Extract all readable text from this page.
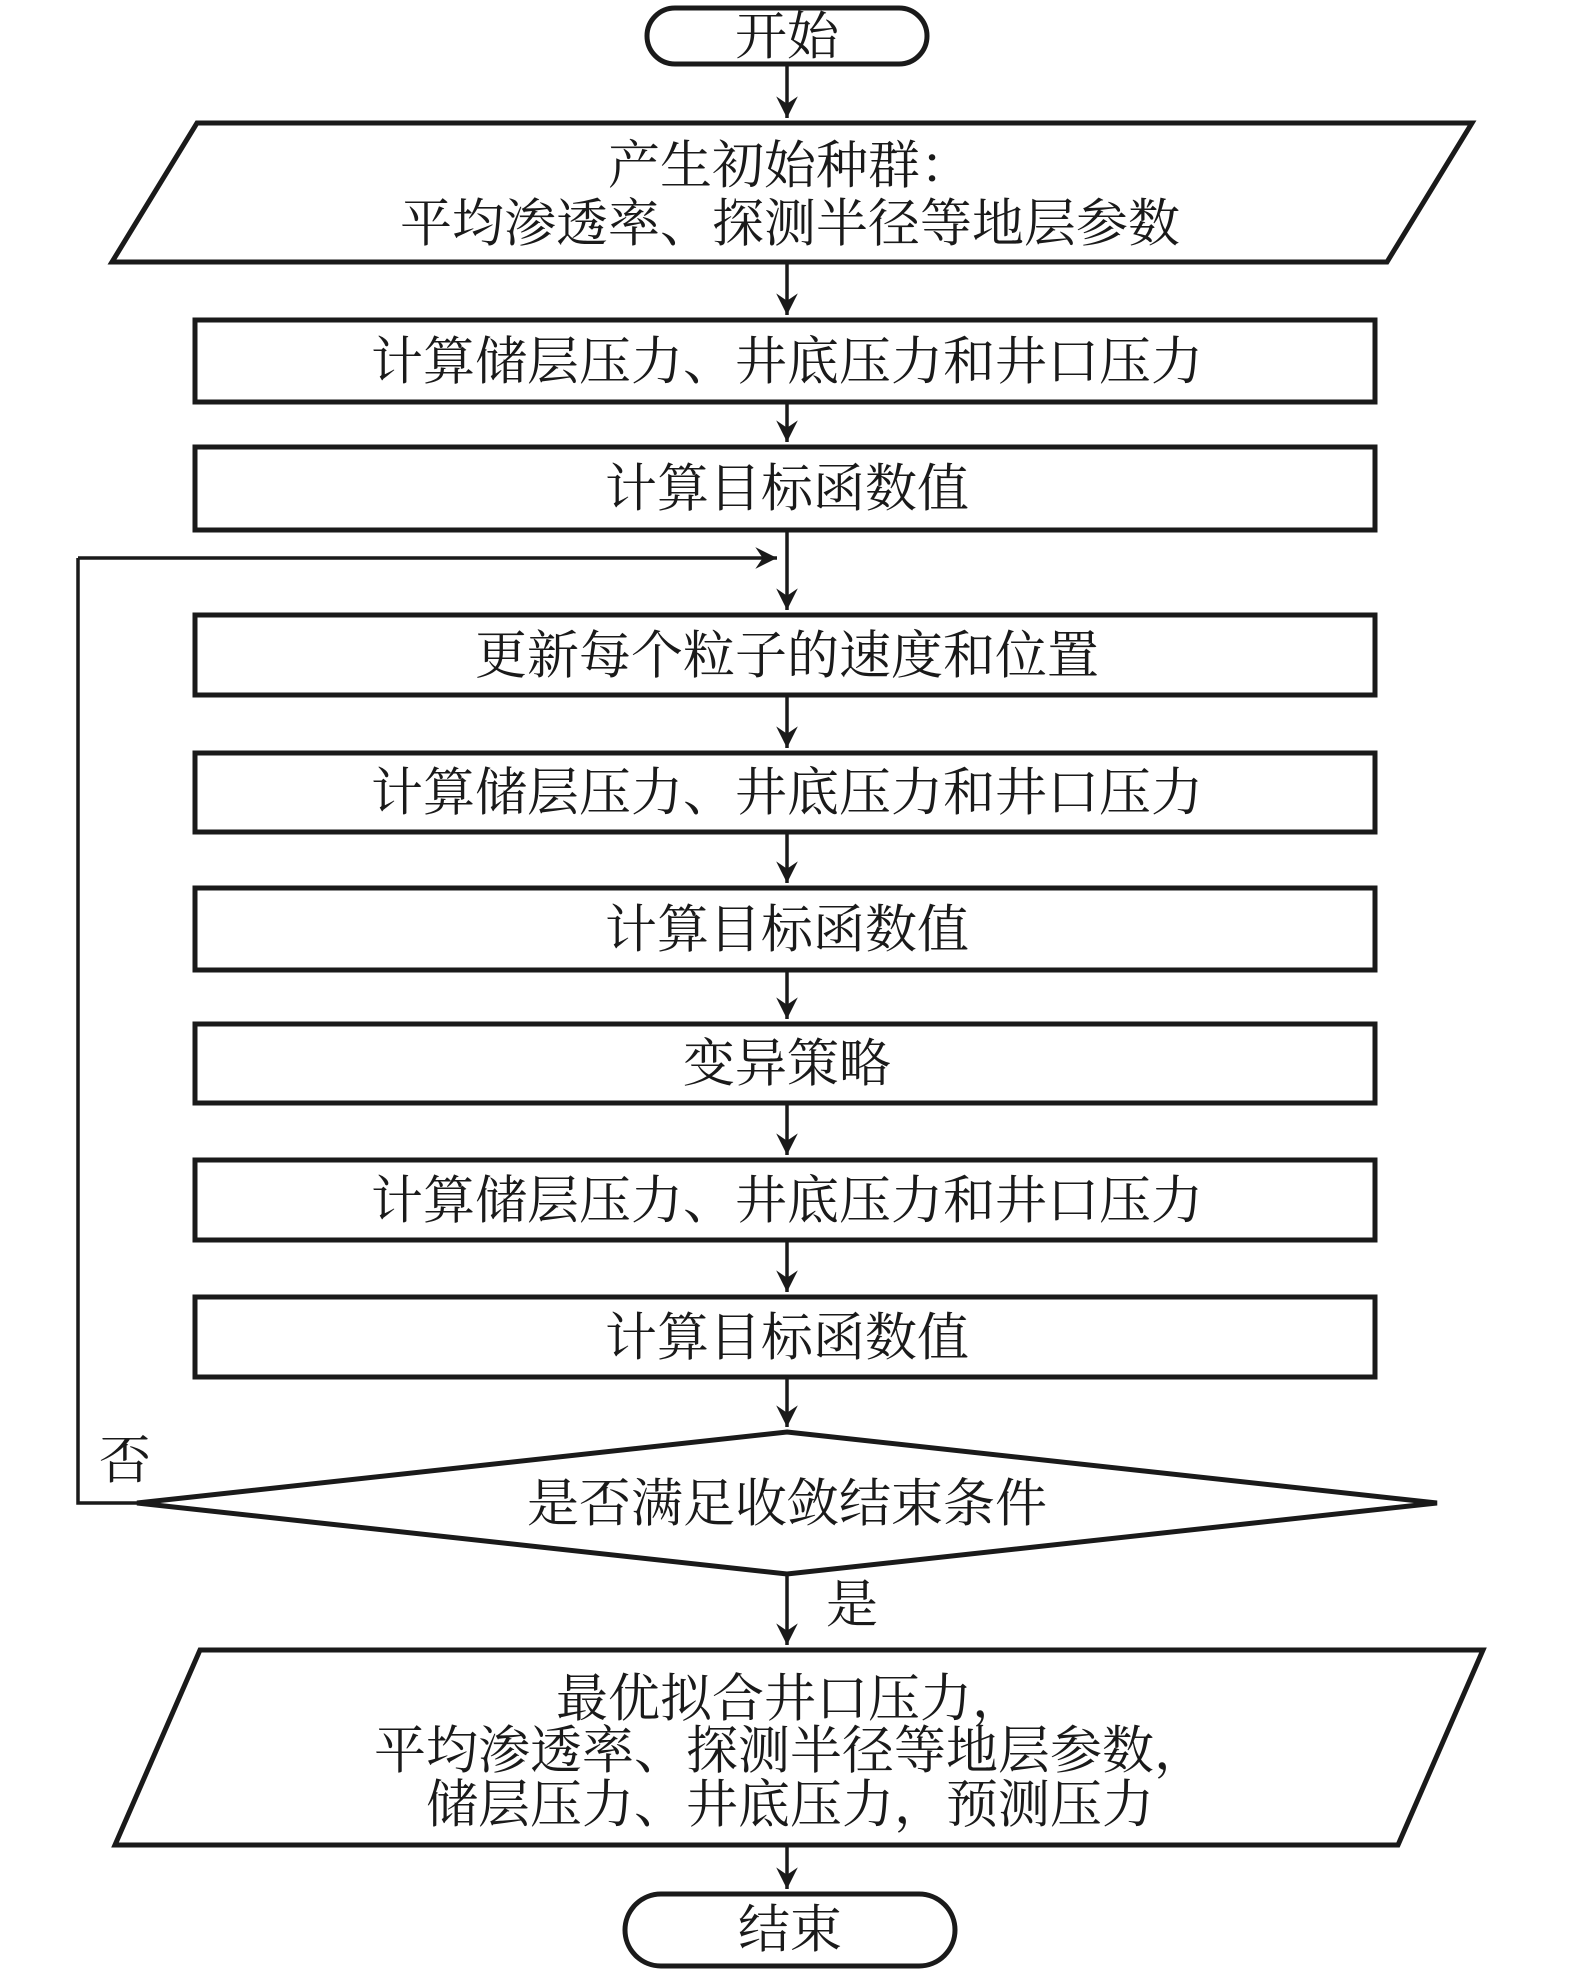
开始
产生初始种群：
平均渗透率、探测半径等地层参数
计算储层压力、井底压力和井口压力
计算目标函数值
更新每个粒子的速度和位置
计算储层压力、井底压力和井口压力
计算目标函数值
变异策略
计算储层压力、井底压力和井口压力
计算目标函数值
是否满足收敛结束条件
否
是
最优拟合井口压力，
平均渗透率、探测半径等地层参数，
储层压力、井底压力，预测压力
结束
